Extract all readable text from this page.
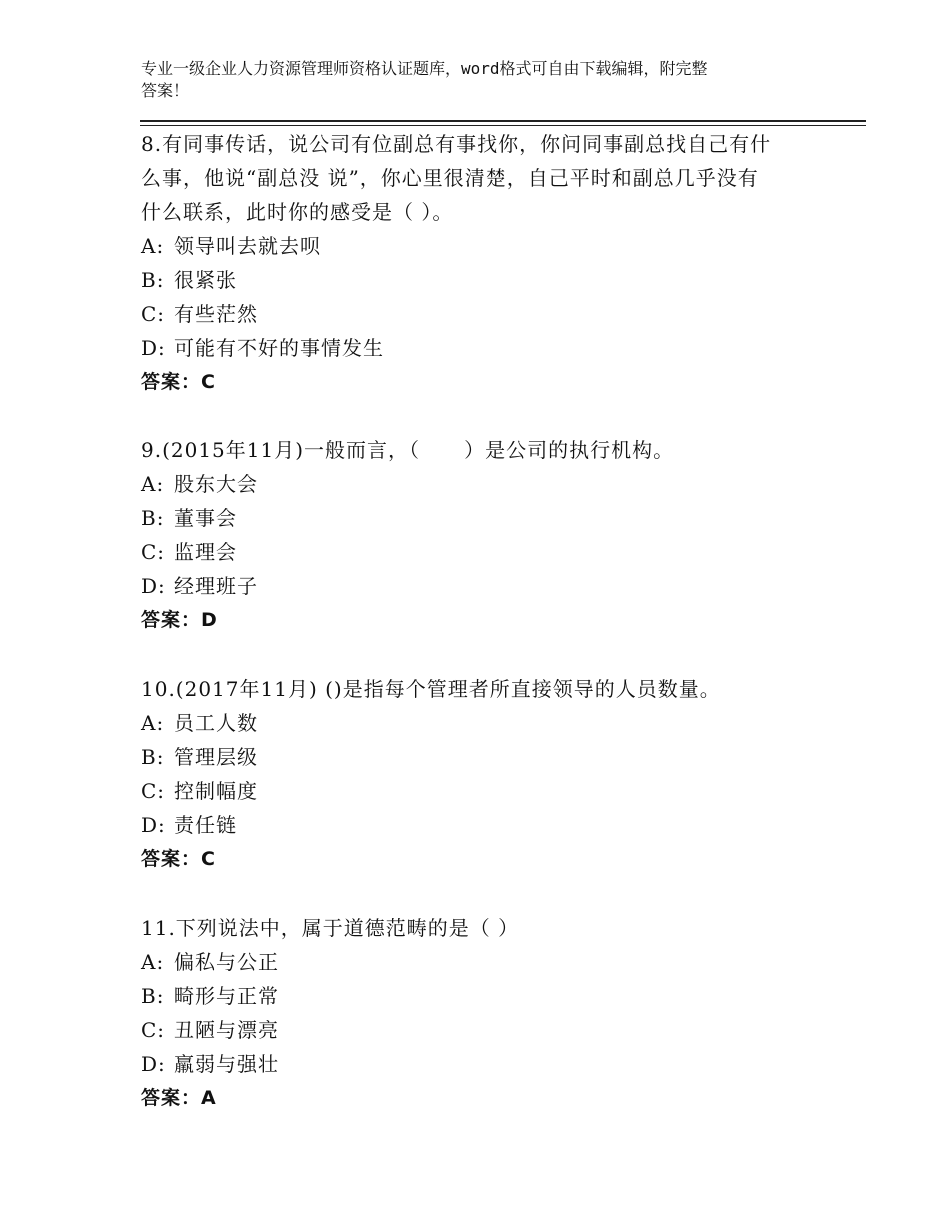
专业一级企业人力资源管理师资格认证题库，word格式可自由下载编辑，附完整
答案！
8.有同事传话，说公司有位副总有事找你，你问同事副总找自己有什
么事，他说“副总没 说”，你心里很清楚，自己平时和副总几乎没有
什么联系，此时你的感受是（ ）。
A: 领导叫去就去呗
B: 很紧张
C: 有些茫然
D: 可能有不好的事情发生
答案：C
9.(2015年11月)一般而言，（      ）是公司的执行机构。
A: 股东大会
B: 董事会
C: 监理会
D: 经理班子
答案：D
10.(2017年11月) ()是指每个管理者所直接领导的人员数量。
A: 员工人数
B: 管理层级
C: 控制幅度
D: 责任链
答案：C
11.下列说法中，属于道德范畴的是（ ）
A: 偏私与公正
B: 畸形与正常
C: 丑陋与漂亮
D: 羸弱与强壮
答案：A
